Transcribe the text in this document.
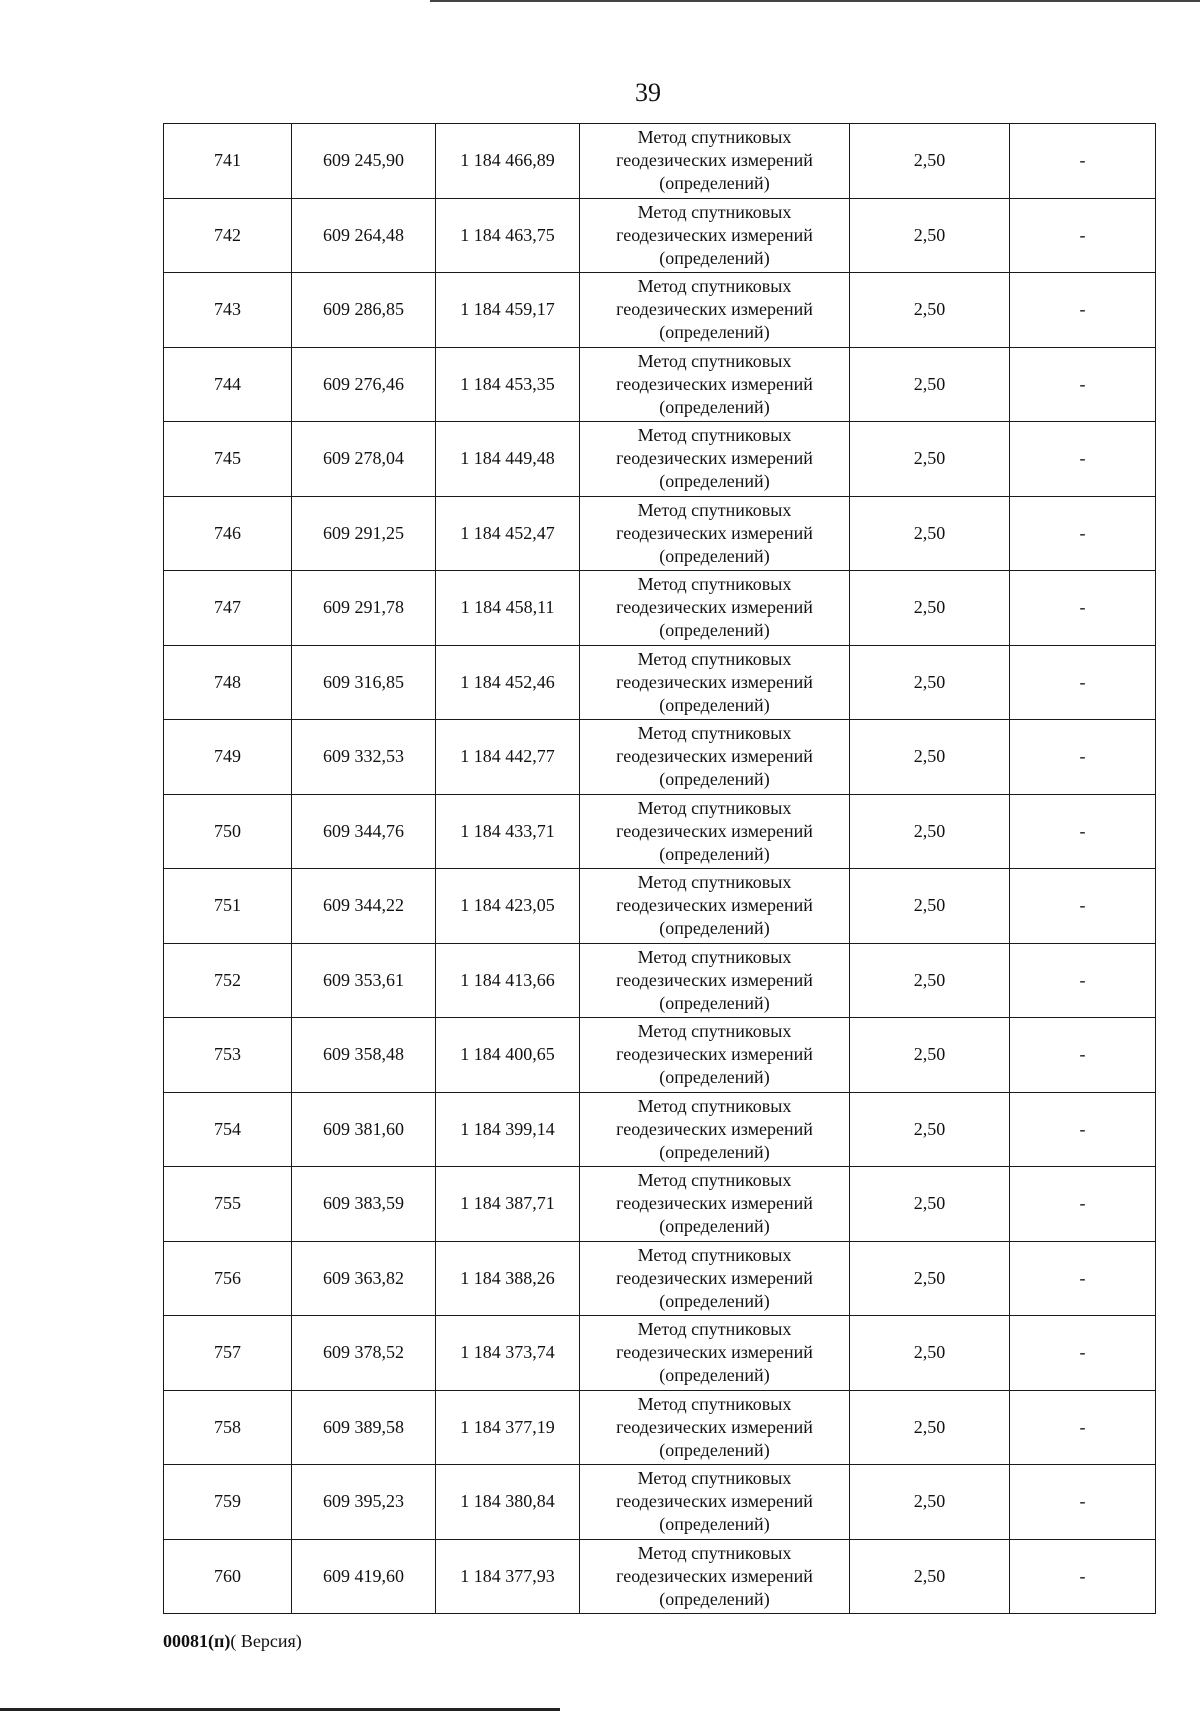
39
741	609 245,90	1 184 466,89	Метод спутниковых
геодезических измерений
(определений)	2,50	-
742	609 264,48	1 184 463,75	Метод спутниковых
геодезических измерений
(определений)	2,50	-
743	609 286,85	1 184 459,17	Метод спутниковых
геодезических измерений
(определений)	2,50	-
744	609 276,46	1 184 453,35	Метод спутниковых
геодезических измерений
(определений)	2,50	-
745	609 278,04	1 184 449,48	Метод спутниковых
геодезических измерений
(определений)	2,50	-
746	609 291,25	1 184 452,47	Метод спутниковых
геодезических измерений
(определений)	2,50	-
747	609 291,78	1 184 458,11	Метод спутниковых
геодезических измерений
(определений)	2,50	-
748	609 316,85	1 184 452,46	Метод спутниковых
геодезических измерений
(определений)	2,50	-
749	609 332,53	1 184 442,77	Метод спутниковых
геодезических измерений
(определений)	2,50	-
750	609 344,76	1 184 433,71	Метод спутниковых
геодезических измерений
(определений)	2,50	-
751	609 344,22	1 184 423,05	Метод спутниковых
геодезических измерений
(определений)	2,50	-
752	609 353,61	1 184 413,66	Метод спутниковых
геодезических измерений
(определений)	2,50	-
753	609 358,48	1 184 400,65	Метод спутниковых
геодезических измерений
(определений)	2,50	-
754	609 381,60	1 184 399,14	Метод спутниковых
геодезических измерений
(определений)	2,50	-
755	609 383,59	1 184 387,71	Метод спутниковых
геодезических измерений
(определений)	2,50	-
756	609 363,82	1 184 388,26	Метод спутниковых
геодезических измерений
(определений)	2,50	-
757	609 378,52	1 184 373,74	Метод спутниковых
геодезических измерений
(определений)	2,50	-
758	609 389,58	1 184 377,19	Метод спутниковых
геодезических измерений
(определений)	2,50	-
759	609 395,23	1 184 380,84	Метод спутниковых
геодезических измерений
(определений)	2,50	-
760	609 419,60	1 184 377,93	Метод спутниковых
геодезических измерений
(определений)	2,50	-
00081(п)( Версия)
